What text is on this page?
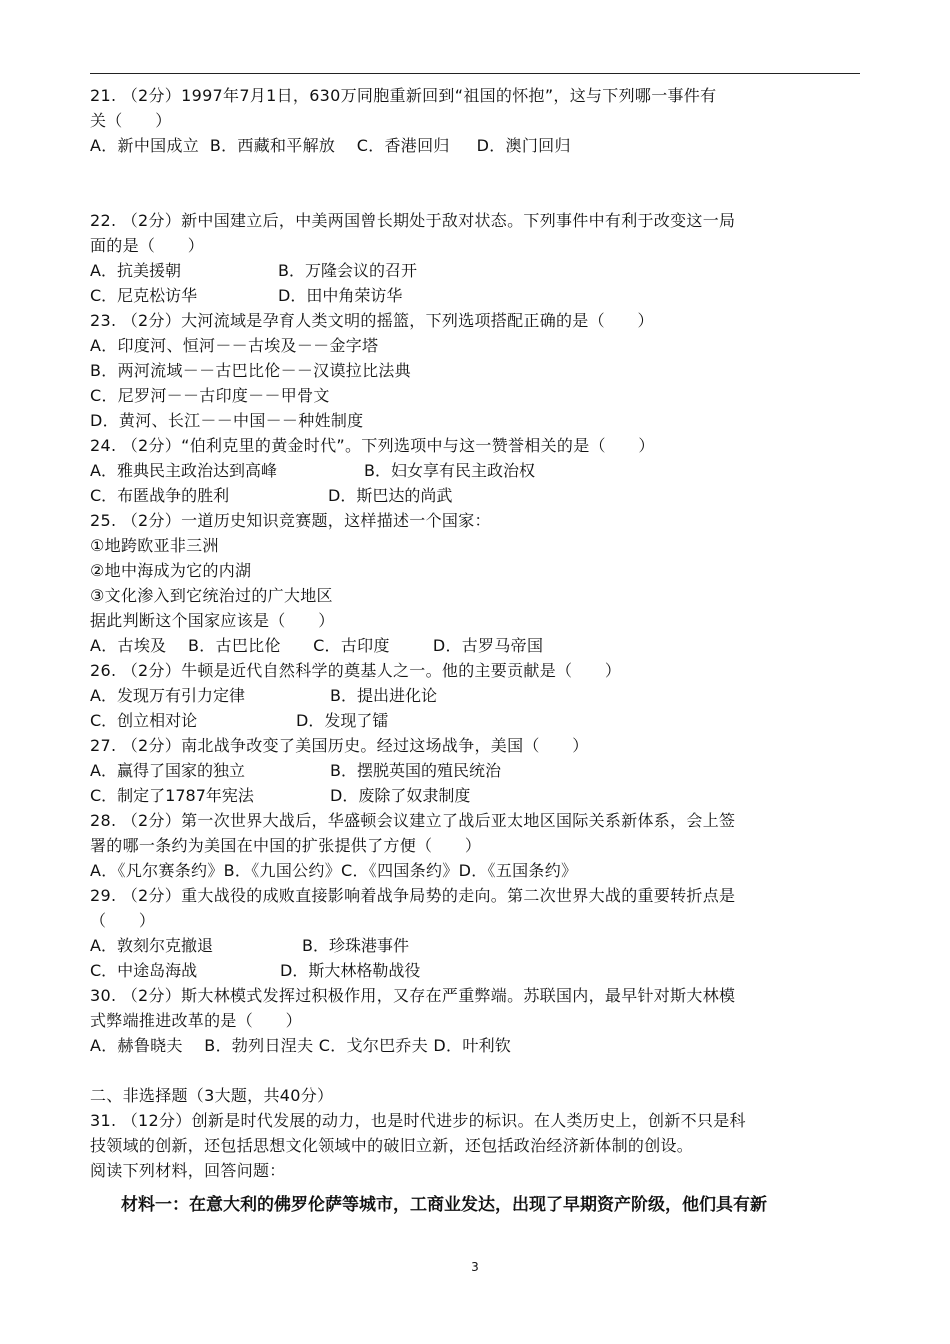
21. （2分）1997年7月1日，630万同胞重新回到“祖国的怀抱”，这与下列哪一事件有
关（　　）
A．新中国成立  B．西藏和平解放    C．香港回归     D．澳门回归
22. （2分）新中国建立后，中美两国曾长期处于敌对状态。下列事件中有利于改变这一局
面的是（　　）

A．抗美援朝

	B．万隆会议的召开

C．尼克松访华

	D．田中角荣访华

23. （2分）大河流域是孕育人类文明的摇篮，下列选项搭配正确的是（　　）
A．印度河、恒河－－古埃及－－金字塔
B．两河流域－－古巴比伦－－汉谟拉比法典
C．尼罗河－－古印度－－甲骨文
D．黄河、长江－－中国－－种姓制度
24. （2分）“伯利克里的黄金时代”。下列选项中与这一赞誉相关的是（　　）

A．雅典民主政治达到高峰

	B．妇女享有民主政治权

C．布匿战争的胜利

	D．斯巴达的尚武

25. （2分）一道历史知识竞赛题，这样描述一个国家：
①地跨欧亚非三洲
②地中海成为它的内湖
③文化渗入到它统治过的广大地区
据此判断这个国家应该是（　　）
A．古埃及    B．古巴比伦      C．古印度        D．古罗马帝国
26. （2分）牛顿是近代自然科学的奠基人之一。他的主要贡献是（　　）

A．发现万有引力定律

	B．提出进化论

C．创立相对论

	D．发现了镭

27. （2分）南北战争改变了美国历史。经过这场战争，美国（　　）

A．赢得了国家的独立

	B．摆脱英国的殖民统治

C．制定了1787年宪法

	D．废除了奴隶制度

28. （2分）第一次世界大战后，华盛顿会议建立了战后亚太地区国际关系新体系，会上签
署的哪一条约为美国在中国的扩张提供了方便（　　）
A．《凡尔赛条约》B．《九国公约》C．《四国条约》D．《五国条约》
29. （2分）重大战役的成败直接影响着战争局势的走向。第二次世界大战的重要转折点是
（　　）

A．敦刻尔克撤退

	B．珍珠港事件

C．中途岛海战

	D．斯大林格勒战役

30. （2分）斯大林模式发挥过积极作用，又存在严重弊端。苏联国内，最早针对斯大林模
式弊端推进改革的是（　　）
A．赫鲁晓夫    B．勃列日涅夫 C．戈尔巴乔夫 D．叶利钦
二、非选择题（3大题，共40分）
31. （12分）创新是时代发展的动力，也是时代进步的标识。在人类历史上，创新不只是科
技领域的创新，还包括思想文化领域中的破旧立新，还包括政治经济新体制的创设。
阅读下列材料，回答问题：
材料一：在意大利的佛罗伦萨等城市，工商业发达，出现了早期资产阶级，他们具有新
3
